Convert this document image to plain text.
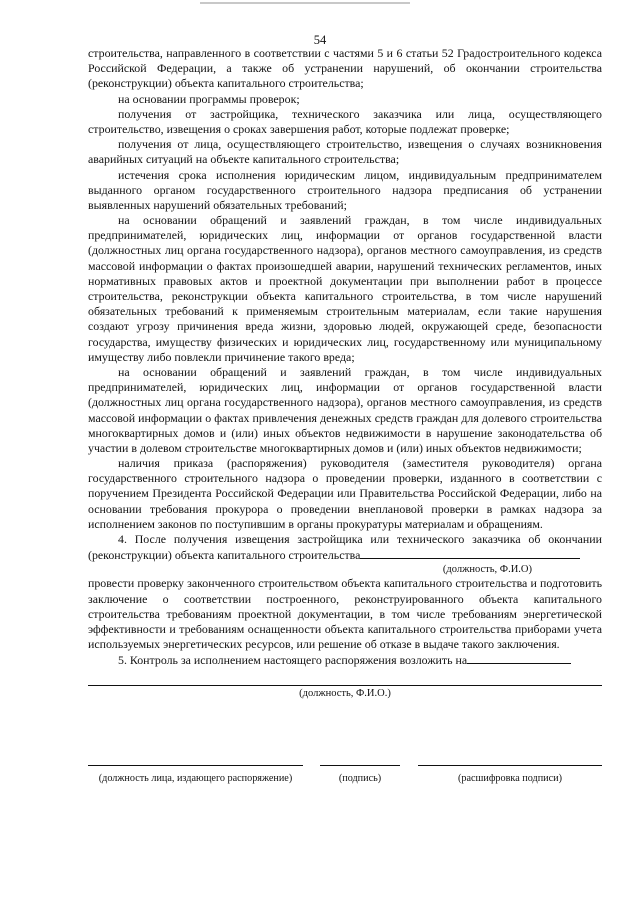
54

строительства, направленного в соответствии с частями 5 и 6 статьи 52 Градостроительного кодекса Российской Федерации, а также об устранении нарушений, об окончании строительства (реконструкции) объекта капитального строительства;

на основании программы проверок;

получения от застройщика, технического заказчика или лица, осуществляющего строительство, извещения о сроках завершения работ, которые подлежат проверке;

получения от лица, осуществляющего строительство, извещения о случаях возникновения аварийных ситуаций на объекте капитального строительства;

истечения срока исполнения юридическим лицом, индивидуальным предпринимателем выданного органом государственного строительного надзора предписания об устранении выявленных нарушений обязательных требований;

на основании обращений и заявлений граждан, в том числе индивидуальных предпринимателей, юридических лиц, информации от органов государственной власти (должностных лиц органа государственного надзора), органов местного самоуправления, из средств массовой информации о фактах произошедшей аварии, нарушений технических регламентов, иных нормативных правовых актов и проектной документации при выполнении работ в процессе строительства, реконструкции объекта капитального строительства, в том числе нарушений обязательных требований к применяемым строительным материалам, если такие нарушения создают угрозу причинения вреда жизни, здоровью людей, окружающей среде, безопасности государства, имуществу физических и юридических лиц, государственному или муниципальному имуществу либо повлекли причинение такого вреда;

на основании обращений и заявлений граждан, в том числе индивидуальных предпринимателей, юридических лиц, информации от органов государственной власти (должностных лиц органа государственного надзора), органов местного самоуправления, из средств массовой информации о фактах привлечения денежных средств граждан для долевого строительства многоквартирных домов и (или) иных объектов недвижимости в нарушение законодательства об участии в долевом строительстве многоквартирных домов и (или) иных объектов недвижимости;

наличия приказа (распоряжения) руководителя (заместителя руководителя) органа государственного строительного надзора о проведении проверки, изданного в соответствии с поручением Президента Российской Федерации или Правительства Российской Федерации, либо на основании требования прокурора о проведении внеплановой проверки в рамках надзора за исполнением законов по поступившим в органы прокуратуры материалам и обращениям.

4. После получения извещения застройщика или технического заказчика об окончании (реконструкции) объекта капитального строительства

(должность, Ф.И.О)

провести проверку законченного строительством объекта капитального строительства и подготовить заключение о соответствии построенного, реконструированного объекта капитального строительства требованиям проектной документации, в том числе требованиям энергетической эффективности и требованиям оснащенности объекта капитального строительства приборами учета используемых энергетических ресурсов, или решение об отказе в выдаче такого заключения.

5. Контроль за исполнением настоящего распоряжения возложить на

(должность, Ф.И.О.)
(должность лица, издающего распоряжение)	(подпись)	(расшифровка подписи)
